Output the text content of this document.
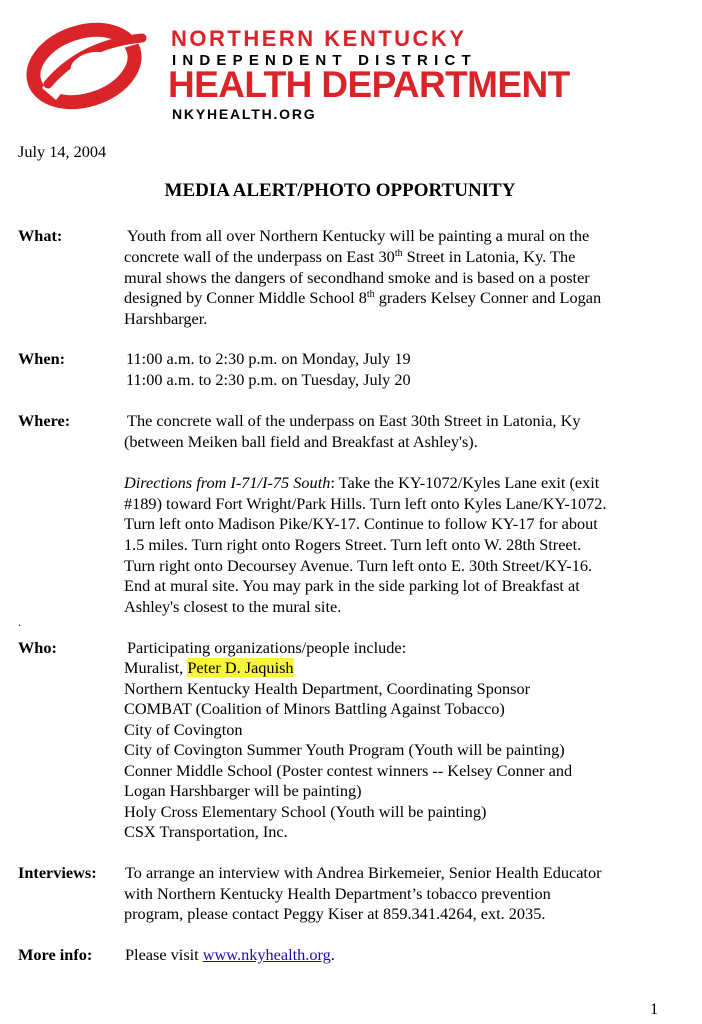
NORTHERN KENTUCKY
INDEPENDENT DISTRICT
HEALTH DEPARTMENT
NKYHEALTH.ORG
July 14, 2004
MEDIA ALERT/PHOTO OPPORTUNITY
What:	Youth from all over Northern Kentucky will be painting a mural on the
concrete wall of the underpass on East 30th Street in Latonia, Ky. The
mural shows the dangers of secondhand smoke and is based on a poster
designed by Conner Middle School 8th graders Kelsey Conner and Logan
Harshbarger.
When:	11:00 a.m. to 2:30 p.m. on Monday, July 19
11:00 a.m. to 2:30 p.m. on Tuesday, July 20
Where:	The concrete wall of the underpass on East 30th Street in Latonia, Ky
(between Meiken ball field and Breakfast at Ashley's).
Directions from I-71/I-75 South: Take the KY-1072/Kyles Lane exit (exit
#189) toward Fort Wright/Park Hills. Turn left onto Kyles Lane/KY-1072.
Turn left onto Madison Pike/KY-17. Continue to follow KY-17 for about
1.5 miles. Turn right onto Rogers Street. Turn left onto W. 28th Street.
Turn right onto Decoursey Avenue. Turn left onto E. 30th Street/KY-16.
End at mural site. You may park in the side parking lot of Breakfast at
Ashley's closest to the mural site.
.
Who:	Participating organizations/people include:
Muralist, Peter D. Jaquish
Northern Kentucky Health Department, Coordinating Sponsor
COMBAT (Coalition of Minors Battling Against Tobacco)
City of Covington
City of Covington Summer Youth Program (Youth will be painting)
Conner Middle School (Poster contest winners -- Kelsey Conner and
Logan Harshbarger will be painting)
Holy Cross Elementary School (Youth will be painting)
CSX Transportation, Inc.
Interviews: To arrange an interview with Andrea Birkemeier, Senior Health Educator
with Northern Kentucky Health Department’s tobacco prevention
program, please contact Peggy Kiser at 859.341.4264, ext. 2035.
More info: Please visit www.nkyhealth.org.
1
